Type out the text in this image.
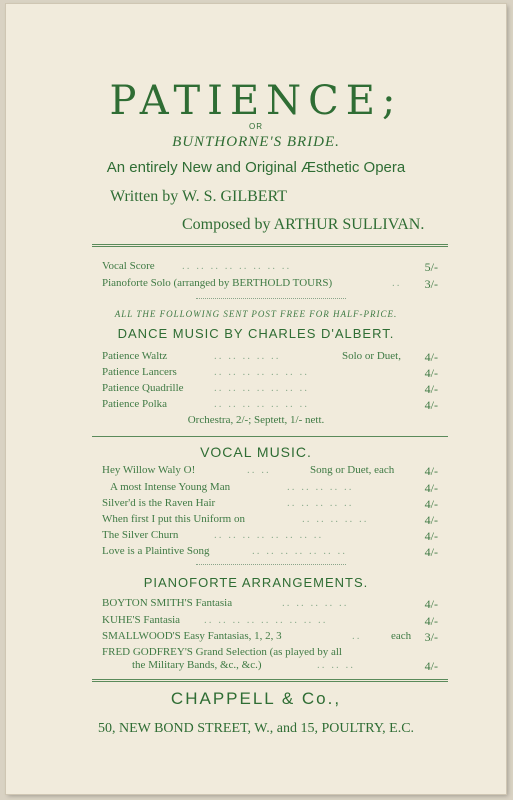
PATIENCE;
OR
BUNTHORNE'S BRIDE.
An entirely New and Original Æsthetic Opera
Written by W. S. GILBERT
Composed by ARTHUR SULLIVAN.
Vocal Score .. .. .. .. .. .. .. ..	5/-
Pianoforte Solo (arranged by BERTHOLD TOURS)	.. 3/-
ALL THE FOLLOWING SENT POST FREE FOR HALF-PRICE.
DANCE MUSIC BY CHARLES D'ALBERT.
Patience Waltz	.. .. .. .. ..	Solo or Duet, 4/-
Patience Lancers	.. .. .. .. .. .. ..	4/-
Patience Quadrille	.. .. .. .. .. .. ..	4/-
Patience Polka	.. .. .. .. .. .. ..	4/-
Orchestra, 2/-; Septett, 1/- nett.
VOCAL MUSIC.
Hey Willow Waly O!	.. ..	Song or Duet, each	4/-
A most Intense Young Man	.. .. .. .. ..	4/-
Silver'd is the Raven Hair	.. .. .. .. ..	4/-
When first I put this Uniform on	.. .. .. .. ..	4/-
The Silver Churn	.. .. .. .. .. .. .. ..	4/-
Love is a Plaintive Song	.. .. .. .. .. .. ..	4/-
PIANOFORTE ARRANGEMENTS.
BOYTON SMITH'S Fantasia	.. .. .. .. ..	4/-
KUHE'S Fantasia .. .. .. .. .. .. .. .. ..	4/-
SMALLWOOD'S Easy Fantasias, 1, 2, 3	..	each 3/-
FRED GODFREY'S Grand Selection (as played by all
the Military Bands, &c., &c.)	.. .. ..	4/-
CHAPPELL & Co.,
50, NEW BOND STREET, W., and 15, POULTRY, E.C.
